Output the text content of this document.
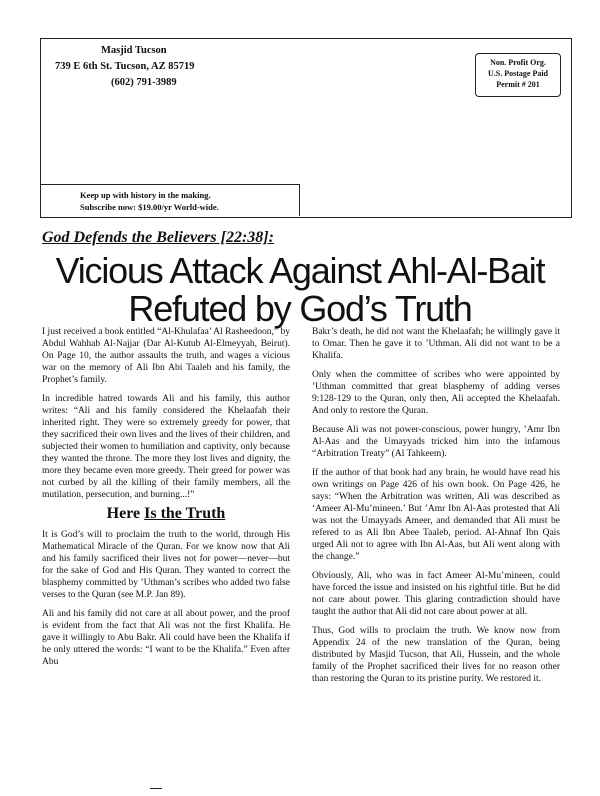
Masjid Tucson
739 E 6th St. Tucson, AZ 85719
(602) 791-3989
Non. Profit Org.
U.S. Postage Paid
Permit # 201
Keep up with history in the making.
Subscribe now: $19.00/yr World-wide.
God Defends the Believers [22:38]:
Vicious Attack Against Ahl-Al-Bait
Refuted by God’s Truth

I just received a book entitled “Al-Khulafaa’ Al Rasheedoon,” by Abdul Wahhab Al-Najjar (Dar Al-Kutub Al-Elmeyyah, Beirut). On Page 10, the author assaults the truth, and wages a vicious war on the memory of Ali Ibn Abi Taaleb and his family, the Prophet’s family.

In incredible hatred towards Ali and his family, this author writes: “Ali and his family considered the Khelaafah their inherited right. They were so extremely greedy for power, that they sacrificed their own lives and the lives of their children, and subjected their women to humiliation and captivity, only because they wanted the throne. The more they lost lives and dignity, the more they became even more greedy. Their greed for power was not curbed by all the killing of their family members, all the mutilation, persecution, and burning...!”

Here Is the Truth

It is God’s will to proclaim the truth to the world, through His Mathematical Miracle of the Quran. For we know now that Ali and his family sacrificed their lives not for power—never—but for the sake of God and His Quran. They wanted to correct the blasphemy committed by ’Uthman’s scribes who added two false verses to the Quran (see M.P. Jan 89).

Ali and his family did not care at all about power, and the proof is evident from the fact that Ali was not the first Khalifa. He gave it willingly to Abu Bakr. Ali could have been the Khalifa if he only uttered the words: “I want to be the Khalifa.” Even after Abu

Bakr’s death, he did not want the Khelaafah; he willingly gave it to Omar. Then he gave it to ’Uthman. Ali did not want to be a Khalifa.

Only when the committee of scribes who were appointed by ’Uthman committed that great blasphemy of adding verses 9:128-129 to the Quran, only then, Ali accepted the Khelaafah. And only to restore the Quran.

Because Ali was not power-conscious, power hungry, ’Amr Ibn Al-Aas and the Umayyads tricked him into the infamous “Arbitration Treaty” (Al Tahkeem).

If the author of that book had any brain, he would have read his own writings on Page 426 of his own book. On Page 426, he says: “When the Arbitration was written, Ali was described as ‘Ameer Al-Mu’mineen.’ But ’Amr Ibn Al-Aas protested that Ali was not the Umayyads Ameer, and demanded that Ali must be refered to as Ali Ibn Abee Taaleb, period. Al-Ahnaf Ibn Qais urged Ali not to agree with Ibn Al-Aas, but Ali went along with the change.”

Obviously, Ali, who was in fact Ameer Al-Mu’mineen, could have forced the issue and insisted on his rightful title. But he did not care about power. This glaring contradiction should have taught the author that Ali did not care about power at all.

Thus, God wills to proclaim the truth. We know now from Appendix 24 of the new translation of the Quran, being distributed by Masjid Tucson, that Ali, Hussein, and the whole family of the Prophet sacrificed their lives for no reason other than restoring the Quran to its pristine purity. We restored it.
